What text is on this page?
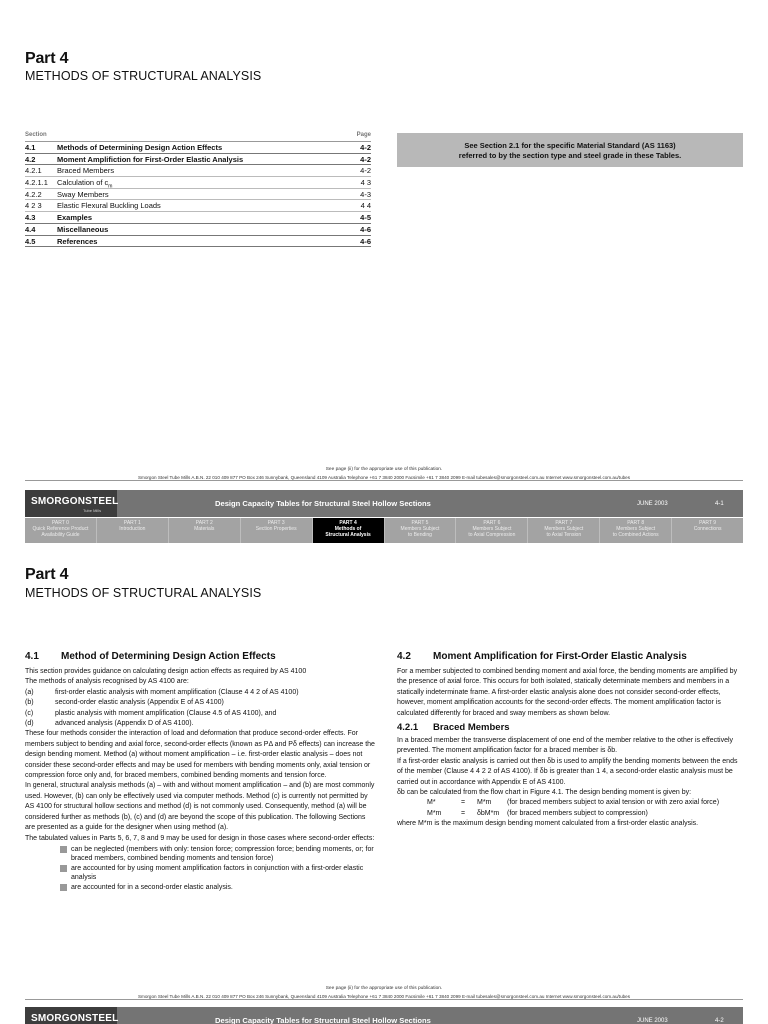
Part 4
METHODS OF STRUCTURAL ANALYSIS
Section	Page
4.1	Methods of Determining Design Action Effects	4-2
4.2	Moment Amplifiction for First-Order Elastic Analysis	4-2
4.2.1	Braced Members	4-2
4.2.1.1	Calculation of $c_m$	4 3
4.2.2	Sway Members	4-3
4 2 3	Elastic Flexural Buckling Loads	4 4
4.3	Examples	4-5
4.4	Miscellaneous	4-6
4.5	References	4-6
See Section 2.1 for the specific Material Standard (AS 1163)
referred to by the section type and steel grade in these Tables.
See page (ii) for the appropriate use of this publication.
Smorgon Steel Tube Mills A.B.N. 22 010 409 877 PO Box 246 Sunnybank, Queensland 4109 Australia Telephone +61 7 3840 2000 Facsimile +61 7 3840 2099 E-mail tubesales@smorgonsteel.com.au Internet www.smorgonsteel.com.au/tubes
SMORGONSTEEL
Tube Mills
Design Capacity Tables for Structural Steel Hollow Sections	JUNE 2003	4-1
PART 0
Quick Reference Product
Availability Guide
PART 1
Introduction
PART 2
Materials
PART 3
Section Properties
PART 4
Methods of
Structural Analysis
PART 5
Members Subject
to Bending
PART 6
Members Subject
to Axial Compression
PART 7
Members Subject
to Axial Tension
PART 8
Members Subject
to Combined Actions
PART 9
Connections
Part 4
METHODS OF STRUCTURAL ANALYSIS
4.1	Method of Determining Design Action Effects

This section provides guidance on calculating design action effects as required by AS 4100

The methods of analysis recognised by AS 4100 are:

(a)	first-order elastic analysis with moment amplification (Clause 4 4 2 of AS 4100)
(b)	second-order elastic analysis (Appendix E of AS 4100)
(c)	plastic analysis with moment amplification (Clause 4.5 of AS 4100), and
(d)	advanced analysis (Appendix D of AS 4100).

These four methods consider the interaction of load and deformation that produce second-order effects. For members subject to bending and axial force, second-order effects (known as PΔ and Pδ effects) can increase the design bending moment. Method (a) without moment amplification – i.e. first-order elastic analysis – does not consider these second-order effects and may be used for members with bending moments only, axial tension or compression force only and, for braced members, combined bending moments and tension force.

In general, structural analysis methods (a) – with and without moment amplification – and (b) are most commonly used. However, (b) can only be effectively used via computer methods. Method (c) is currently not permitted by AS 4100 for structural hollow sections and method (d) is not commonly used. Consequently, method (a) will be considered further as methods (b), (c) and (d) are beyond the scope of this publication. The following Sections are presented as a guide for the designer when using method (a).

The tabulated values in Parts 5, 6, 7, 8 and 9 may be used for design in those cases where second-order effects:

can be neglected (members with only: tension force; compression force; bending moments, or; for braced members, combined bending moments and tension force)
are accounted for by using moment amplification factors in conjunction with a first-order elastic analysis
are accounted for in a second-order elastic analysis.
4.2	Moment Amplification for First-Order Elastic Analysis

For a member subjected to combined bending moment and axial force, the bending moments are amplified by the presence of axial force. This occurs for both isolated, statically determinate members and members in a statically indeterminate frame. A first-order elastic analysis alone does not consider second-order effects, however, moment amplification accounts for the second-order effects. The moment amplification factor is calculated differently for braced and sway members as shown below.

4.2.1	Braced Members

In a braced member the transverse displacement of one end of the member relative to the other is effectively prevented. The moment amplification factor for a braced member is δb.

If a first-order elastic analysis is carried out then δb is used to amplify the bending moments between the ends of the member (Clause 4 4 2 2 of AS 4100). If δb is greater than 1 4, a second-order elastic analysis must be carried out in accordance with Appendix E of AS 4100.

δb can be calculated from the flow chart in Figure 4.1. The design bending moment is given by:

M*	=	M*m	(for braced members subject to axial tension or with zero axial force)
M*m	=	δbM*m	(for braced members subject to compression)

where M*m is the maximum design bending moment calculated from a first-order elastic analysis.

See page (ii) for the appropriate use of this publication.
Smorgon Steel Tube Mills A.B.N. 22 010 409 877 PO Box 246 Sunnybank, Queensland 4109 Australia Telephone +61 7 3840 2000 Facsimile +61 7 3840 2099 E-mail tubesales@smorgonsteel.com.au Internet www.smorgonsteel.com.au/tubes
SMORGONSTEEL	Design Capacity Tables for Structural Steel Hollow Sections	JUNE 2003	4-2
